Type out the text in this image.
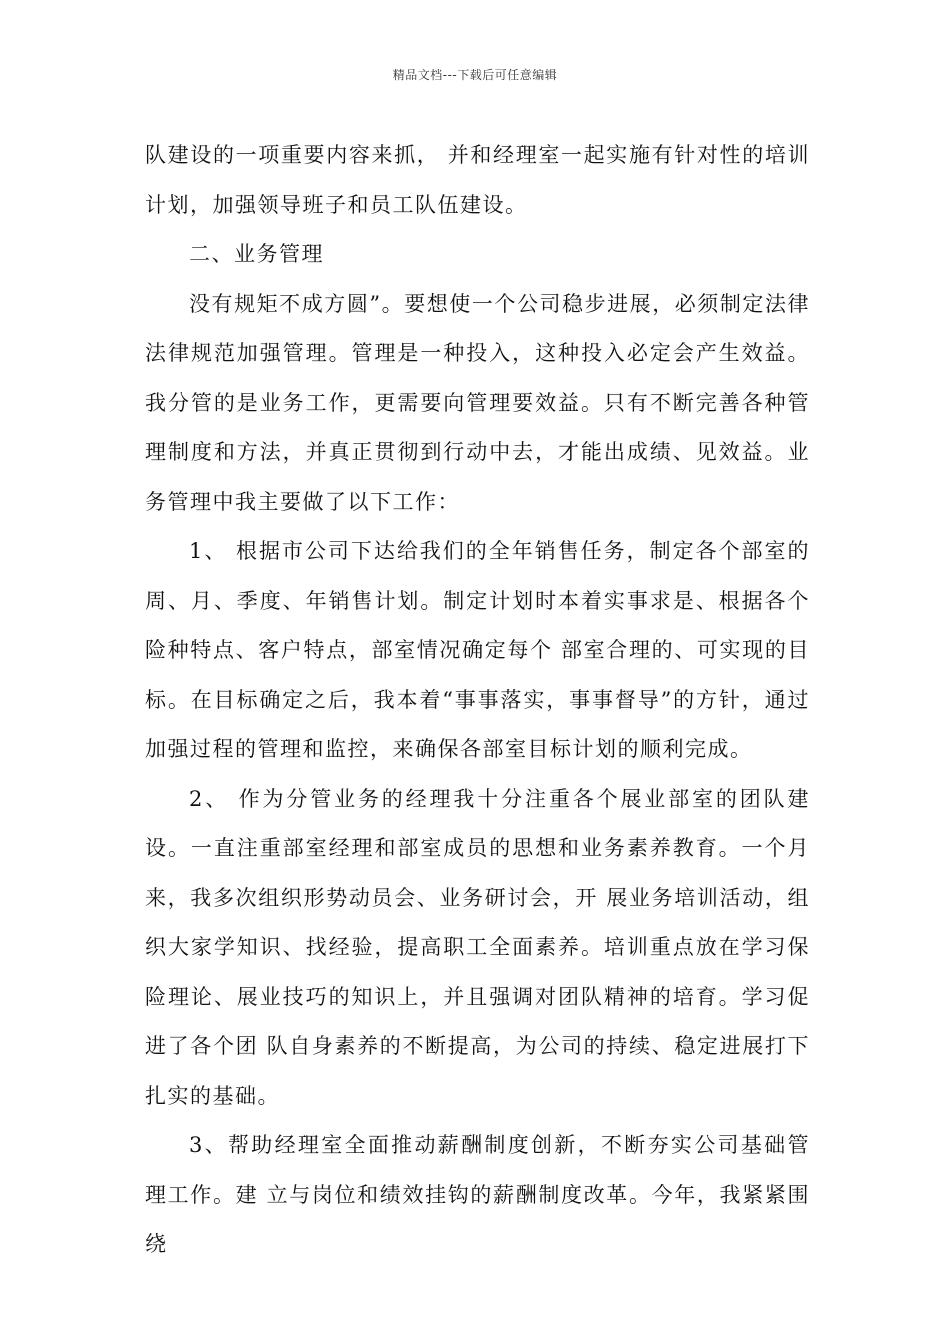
精品文档---下载后可任意编辑

队建设的一项重要内容来抓， 并和经理室一起实施有针对性的培训计划，加强领导班子和员工队伍建设。

二、业务管理

没有规矩不成方圆”。要想使一个公司稳步进展，必须制定法律法律规范加强管理。管理是一种投入，这种投入必定会产生效益。我分管的是业务工作，更需要向管理要效益。只有不断完善各种管理制度和方法，并真正贯彻到行动中去，才能出成绩、见效益。业务管理中我主要做了以下工作：

1、 根据市公司下达给我们的全年销售任务，制定各个部室的周、月、季度、年销售计划。制定计划时本着实事求是、根据各个险种特点、客户特点，部室情况确定每个 部室合理的、可实现的目标。在目标确定之后，我本着“事事落实，事事督导”的方针，通过加强过程的管理和监控，来确保各部室目标计划的顺利完成。

2、 作为分管业务的经理我十分注重各个展业部室的团队建设。一直注重部室经理和部室成员的思想和业务素养教育。一个月来，我多次组织形势动员会、业务研讨会，开 展业务培训活动，组织大家学知识、找经验，提高职工全面素养。培训重点放在学习保险理论、展业技巧的知识上，并且强调对团队精神的培育。学习促进了各个团 队自身素养的不断提高，为公司的持续、稳定进展打下扎实的基础。

3、帮助经理室全面推动薪酬制度创新，不断夯实公司基础管理工作。建 立与岗位和绩效挂钩的薪酬制度改革。今年，我紧紧围绕
